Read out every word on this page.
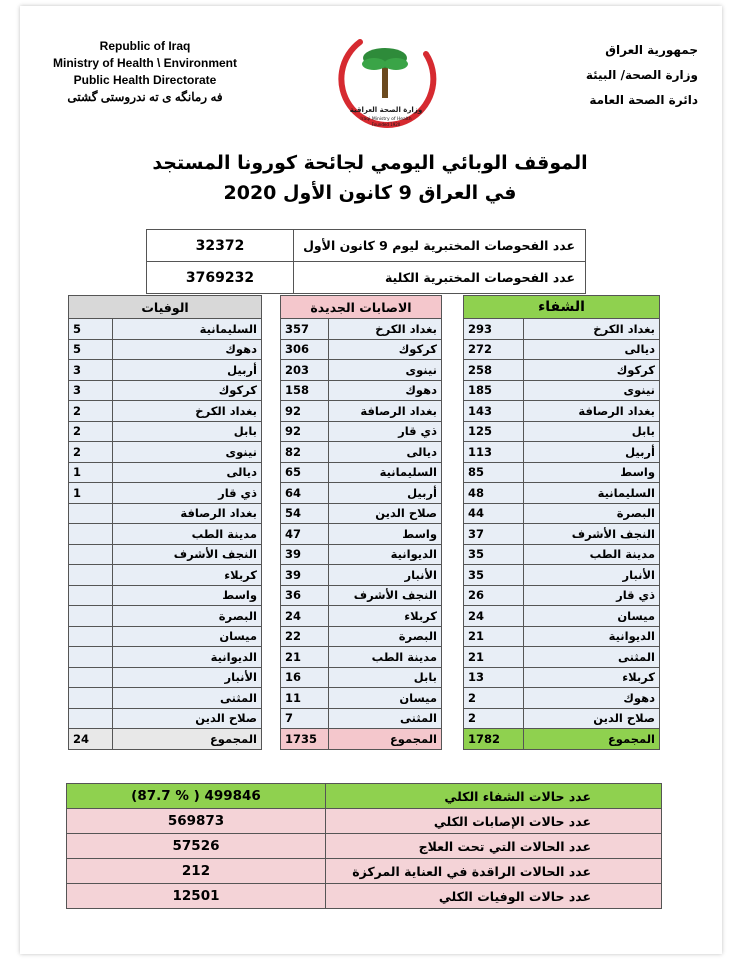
Republic of Iraq
Ministry of Health \ Environment
Public Health Directorate
فه رمانگه ی ته ندروستی گشتی
جمهورية العراق
وزارة الصحة/ البيئة
دائرة الصحة العامة
وزارة الصحة العراقية
Iraqi Ministry of Health
Founded 1920
الموقف الوبائي اليومي لجائحة كورونا المستجد
في العراق 9 كانون الأول 2020
32372	عدد الفحوصات المختبرية ليوم 9 كانون الأول
3769232	عدد الفحوصات المختبرية الكلية
الوفيات	
5	السليمانية
5	دهوك
3	أربيل
3	كركوك
2	بغداد الكرخ
2	بابل
2	نينوى
1	ديالى
1	ذي قار
	بغداد الرصافة
	مدينة الطب
	النجف الأشرف
	كربلاء
	واسط
	البصرة
	ميسان
	الديوانية
	الأنبار
	المثنى
	صلاح الدين
24	المجموع
الاصابات الجديدة	
357	بغداد الكرخ
306	كركوك
203	نينوى
158	دهوك
92	بغداد الرصافة
92	ذي قار
82	ديالى
65	السليمانية
64	أربيل
54	صلاح الدين
47	واسط
39	الديوانية
39	الأنبار
36	النجف الأشرف
24	كربلاء
22	البصرة
21	مدينة الطب
16	بابل
11	ميسان
7	المثنى
1735	المجموع
الشفاء	
293	بغداد الكرخ
272	ديالى
258	كركوك
185	نينوى
143	بغداد الرصافة
125	بابل
113	أربيل
85	واسط
48	السليمانية
44	البصرة
37	النجف الأشرف
35	مدينة الطب
35	الأنبار
26	ذي قار
24	ميسان
21	الديوانية
21	المثنى
13	كربلاء
2	دهوك
2	صلاح الدين
1782	المجموع
(87.7 % ) 499846	عدد حالات الشفاء الكلي
569873	عدد حالات الإصابات الكلي
57526	عدد الحالات التي تحت العلاج
212	عدد الحالات الراقدة في العناية المركزة
12501	عدد حالات الوفيات الكلي
